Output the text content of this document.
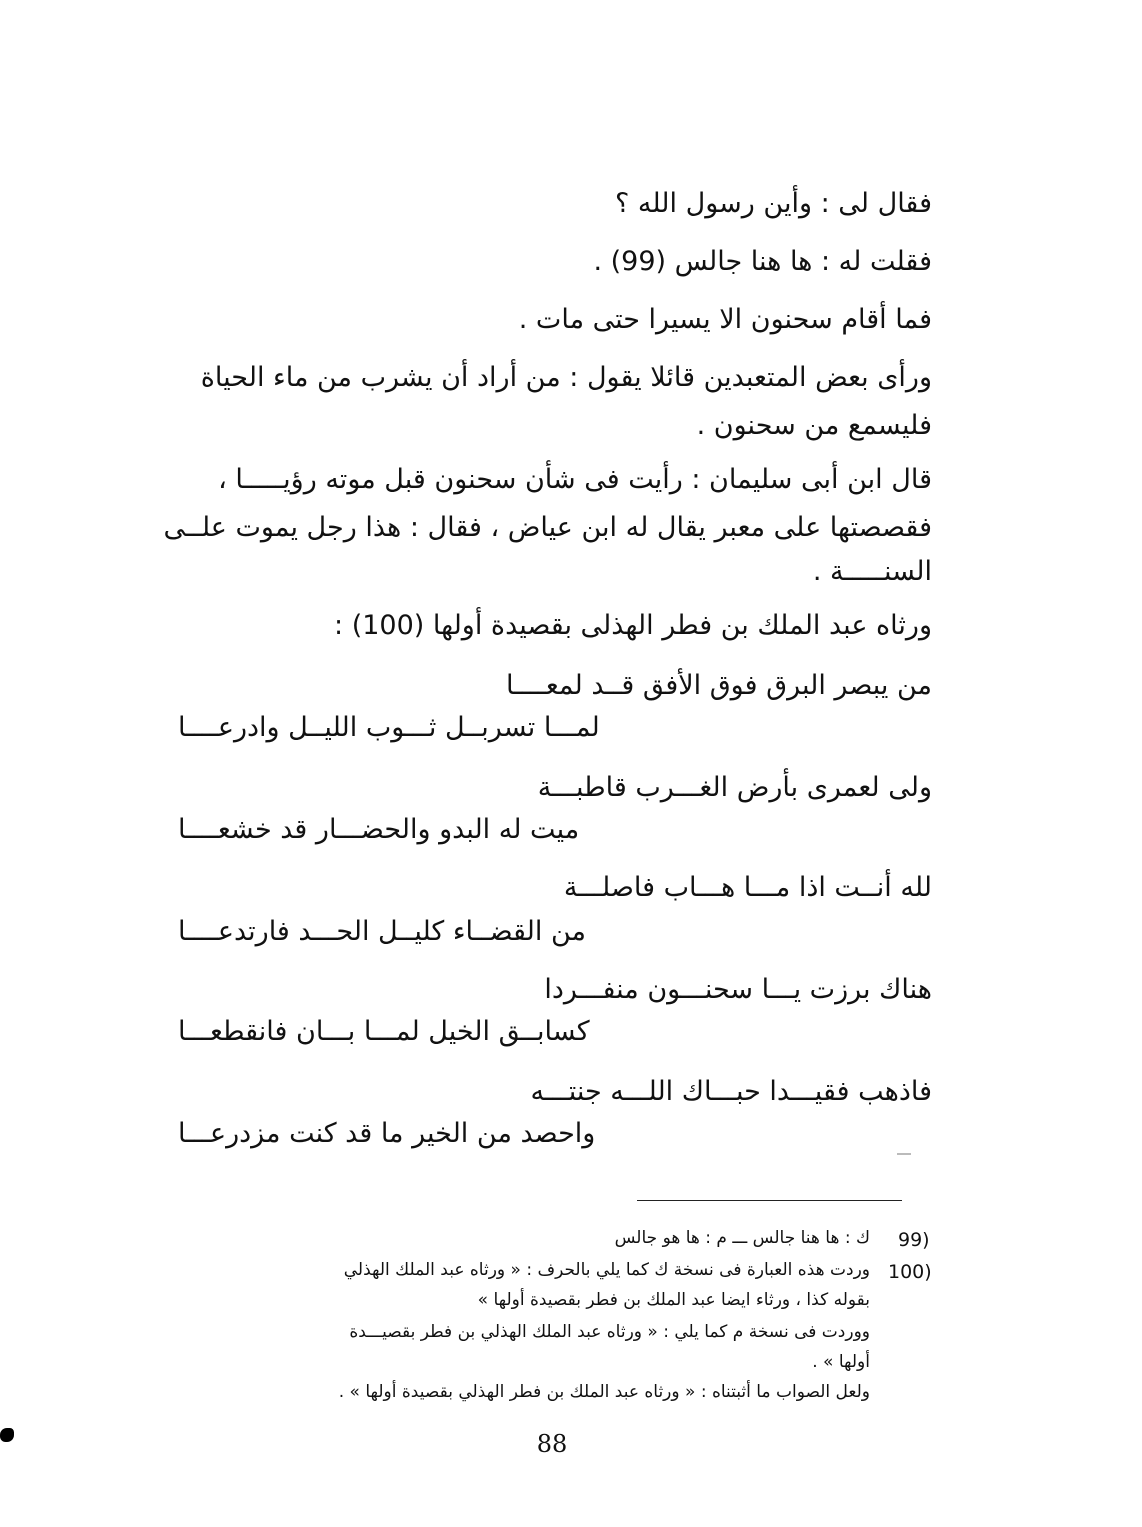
فقال لى : وأين رسول الله ؟
فقلت له : ها هنا جالس (99) .
فما أقام سحنون الا يسيرا حتى مات .
ورأى بعض المتعبدين قائلا يقول : من أراد أن يشرب من ماء الحياة
فليسمع من سحنون .
قال ابن أبى سليمان : رأيت فى شأن سحنون قبل موته رؤيـــــا ،
فقصصتها على معبر يقال له ابن عياض ، فقال : هذا رجل يموت علــى
السنـــــة .
ورثاه عبد الملك بن فطر الهذلى بقصيدة أولها (100) :
من يبصر البرق فوق الأفق قــد لمعــــا
لمـــا تسربــل ثـــوب الليــل وادرعــــا
ولى لعمرى بأرض الغـــرب قاطبـــة
ميت له البدو والحضـــار قد خشعــــا
لله أنــت اذا مـــا هـــاب فاصلـــة
من القضــاء كليــل الحـــد فارتدعــــا
هناك برزت يـــا سحنـــون منفـــردا
كسابــق الخيل لمـــا بـــان فانقطعـــا
فاذهب فقيـــدا حبـــاك اللـــه جنتـــه
واحصد من الخير ما قد كنت مزدرعـــا
99)
ك : ها هنا جالس ـــ م : ها هو جالس
100)
وردت هذه العبارة فى نسخة ك كما يلي بالحرف : « ورثاه عبد الملك الهذلي
بقوله كذا ، ورثاء ايضا عبد الملك بن فطر بقصيدة أولها »
ووردت فى نسخة م كما يلي : « ورثاه عبد الملك الهذلي بن فطر بقصيـــدة
أولها » .
ولعل الصواب ما أثبتناه : « ورثاه عبد الملك بن فطر الهذلي بقصيدة أولها » .
88
